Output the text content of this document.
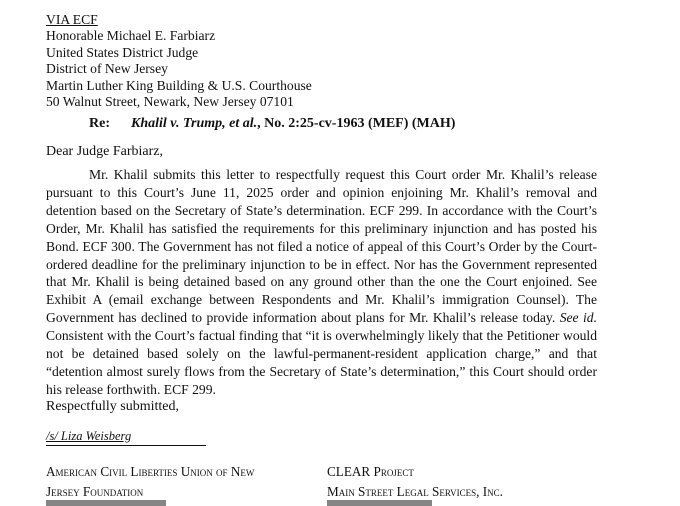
VIA ECF
Honorable Michael E. Farbiarz
United States District Judge
District of New Jersey
Martin Luther King Building & U.S. Courthouse
50 Walnut Street, Newark, New Jersey 07101
Re: Khalil v. Trump, et al., No. 2:25-cv-1963 (MEF) (MAH)
Dear Judge Farbiarz,
Mr. Khalil submits this letter to respectfully request this Court order Mr. Khalil’s release pursuant to this Court’s June 11, 2025 order and opinion enjoining Mr. Khalil’s removal and detention based on the Secretary of State’s determination. ECF 299. In accordance with the Court’s Order, Mr. Khalil has satisfied the requirements for this preliminary injunction and has posted his Bond. ECF 300. The Government has not filed a notice of appeal of this Court’s Order by the Court-ordered deadline for the preliminary injunction to be in effect. Nor has the Government represented that Mr. Khalil is being detained based on any ground other than the one the Court enjoined. See Exhibit A (email exchange between Respondents and Mr. Khalil’s immigration Counsel). The Government has declined to provide information about plans for Mr. Khalil’s release today. See id. Consistent with the Court’s factual finding that “it is overwhelmingly likely that the Petitioner would not be detained based solely on the lawful-permanent-resident application charge,” and that “detention almost surely flows from the Secretary of State’s determination,” this Court should order his release forthwith. ECF 299.
Respectfully submitted,
/s/ Liza Weisberg
American Civil Liberties Union of New
Jersey Foundation
CLEAR Project
Main Street Legal Services, Inc.
